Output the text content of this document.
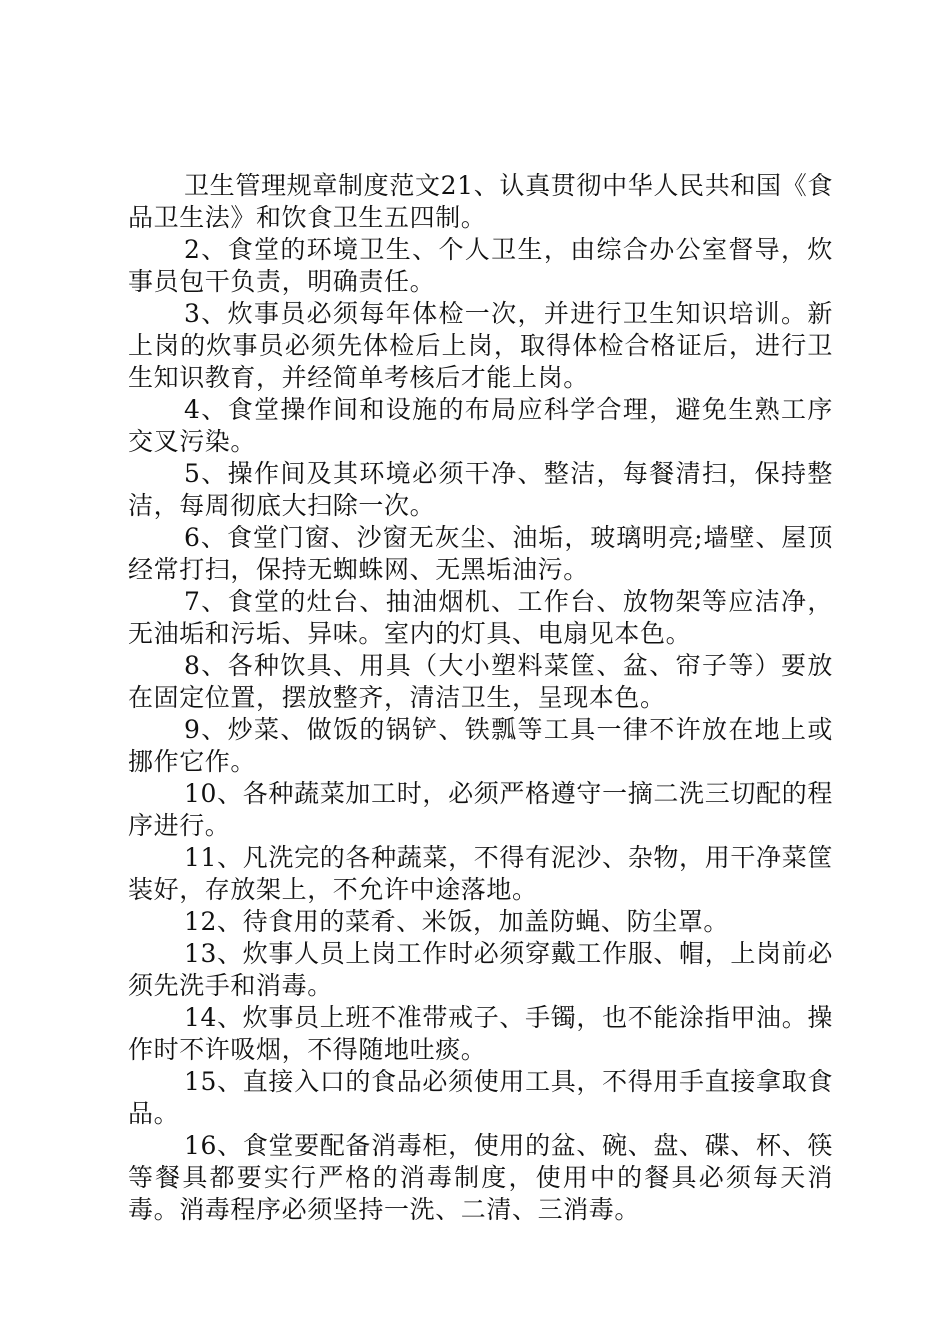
卫生管理规章制度范文21、认真贯彻中华人民共和国《食品卫生法》和饮食卫生五四制。

2、食堂的环境卫生、个人卫生，由综合办公室督导，炊事员包干负责，明确责任。

3、炊事员必须每年体检一次，并进行卫生知识培训。新上岗的炊事员必须先体检后上岗，取得体检合格证后，进行卫生知识教育，并经简单考核后才能上岗。

4、食堂操作间和设施的布局应科学合理，避免生熟工序交叉污染。

5、操作间及其环境必须干净、整洁，每餐清扫，保持整洁，每周彻底大扫除一次。

6、食堂门窗、沙窗无灰尘、油垢，玻璃明亮;墙壁、屋顶经常打扫，保持无蜘蛛网、无黑垢油污。

7、食堂的灶台、抽油烟机、工作台、放物架等应洁净，无油垢和污垢、异味。室内的灯具、电扇见本色。

8、各种饮具、用具（大小塑料菜筐、盆、帘子等）要放在固定位置，摆放整齐，清洁卫生，呈现本色。

9、炒菜、做饭的锅铲、铁瓢等工具一律不许放在地上或挪作它作。

10、各种蔬菜加工时，必须严格遵守一摘二洗三切配的程序进行。

11、凡洗完的各种蔬菜，不得有泥沙、杂物，用干净菜筐装好，存放架上，不允许中途落地。

12、待食用的菜肴、米饭，加盖防蝇、防尘罩。

13、炊事人员上岗工作时必须穿戴工作服、帽，上岗前必须先洗手和消毒。

14、炊事员上班不准带戒子、手镯，也不能涂指甲油。操作时不许吸烟，不得随地吐痰。

15、直接入口的食品必须使用工具，不得用手直接拿取食品。

16、食堂要配备消毒柜，使用的盆、碗、盘、碟、杯、筷等餐具都要实行严格的消毒制度，使用中的餐具必须每天消毒。消毒程序必须坚持一洗、二清、三消毒。
